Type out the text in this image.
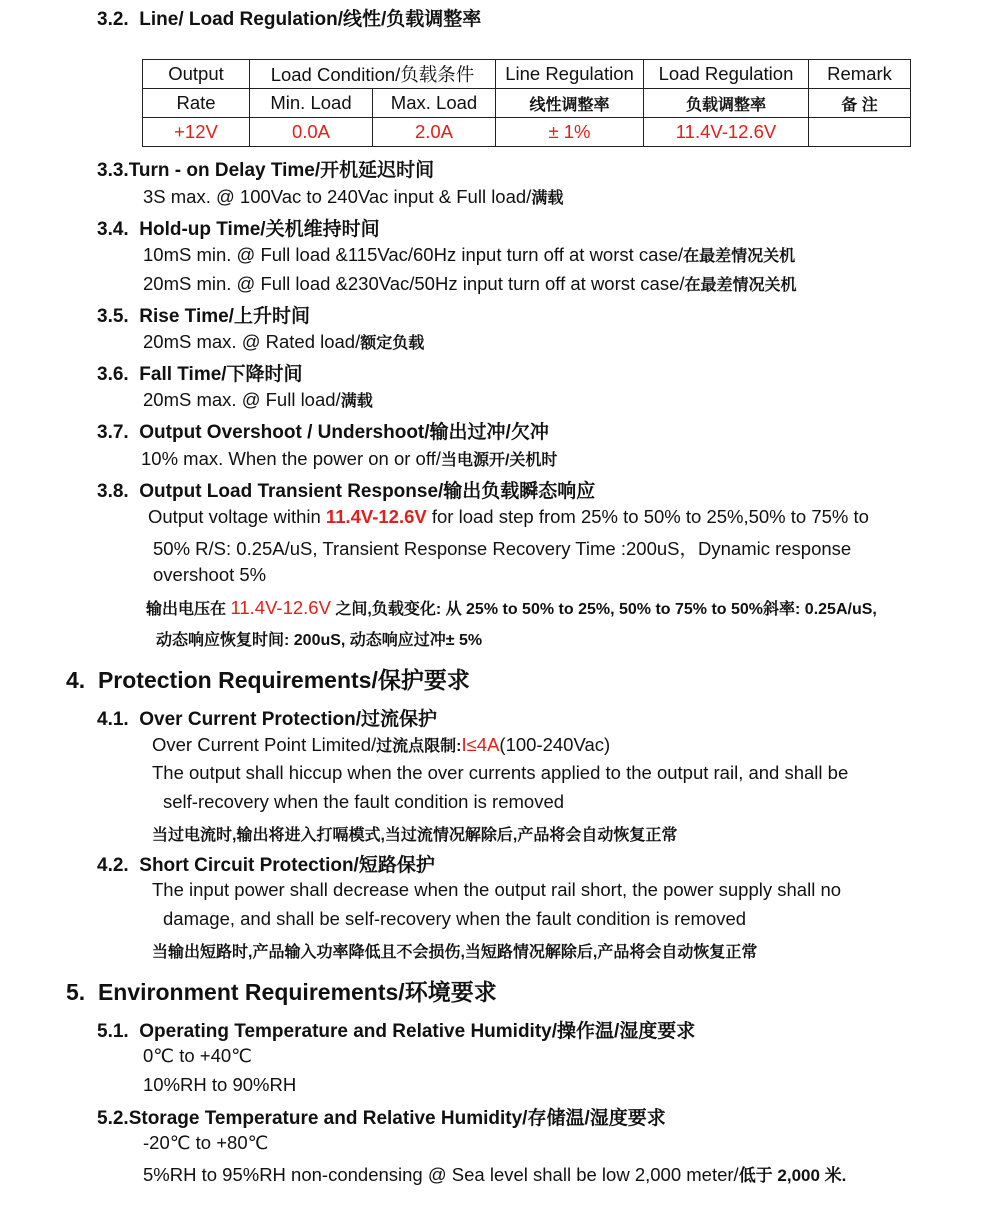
3.2. Line/ Load Regulation/线性/负载调整率
Output	Load Condition/负载条件		Line Regulation	Load Regulation	Remark
Rate	Min. Load	Max. Load	线性调整率	负载调整率	备 注
+12V	0.0A	2.0A	± 1%	11.4V-12.6V	
3.3.Turn - on Delay Time/开机延迟时间
3S max. @ 100Vac to 240Vac input & Full load/满载
3.4. Hold-up Time/关机维持时间
10mS min. @ Full load &115Vac/60Hz input turn off at worst case/在最差情况关机
20mS min. @ Full load &230Vac/50Hz input turn off at worst case/在最差情况关机
3.5. Rise Time/上升时间
20mS max. @ Rated load/额定负载
3.6. Fall Time/下降时间
20mS max. @ Full load/满载
3.7. Output Overshoot / Undershoot/输出过冲/欠冲
10% max. When the power on or off/当电源开/关机时
3.8. Output Load Transient Response/输出负载瞬态响应
Output voltage within 11.4V-12.6V for load step from 25% to 50% to 25%,50% to 75% to
50% R/S: 0.25A/uS, Transient Response Recovery Time :200uS，Dynamic response
overshoot 5%
输出电压在 11.4V-12.6V 之间,负载变化: 从 25% to 50% to 25%, 50% to 75% to 50%斜率: 0.25A/uS,
动态响应恢复时间: 200uS, 动态响应过冲± 5%
4. Protection Requirements/保护要求
4.1. Over Current Protection/过流保护
Over Current Point Limited/过流点限制:I≤4A(100-240Vac)
The output shall hiccup when the over currents applied to the output rail, and shall be
self-recovery when the fault condition is removed
当过电流时,输出将进入打嗝模式,当过流情况解除后,产品将会自动恢复正常
4.2. Short Circuit Protection/短路保护
The input power shall decrease when the output rail short, the power supply shall no
damage, and shall be self-recovery when the fault condition is removed
当输出短路时,产品输入功率降低且不会损伤,当短路情况解除后,产品将会自动恢复正常
5. Environment Requirements/环境要求
5.1. Operating Temperature and Relative Humidity/操作温/湿度要求
0℃ to +40℃
10%RH to 90%RH
5.2.Storage Temperature and Relative Humidity/存储温/湿度要求
-20℃ to +80℃
5%RH to 95%RH non-condensing @ Sea level shall be low 2,000 meter/低于 2,000 米.
